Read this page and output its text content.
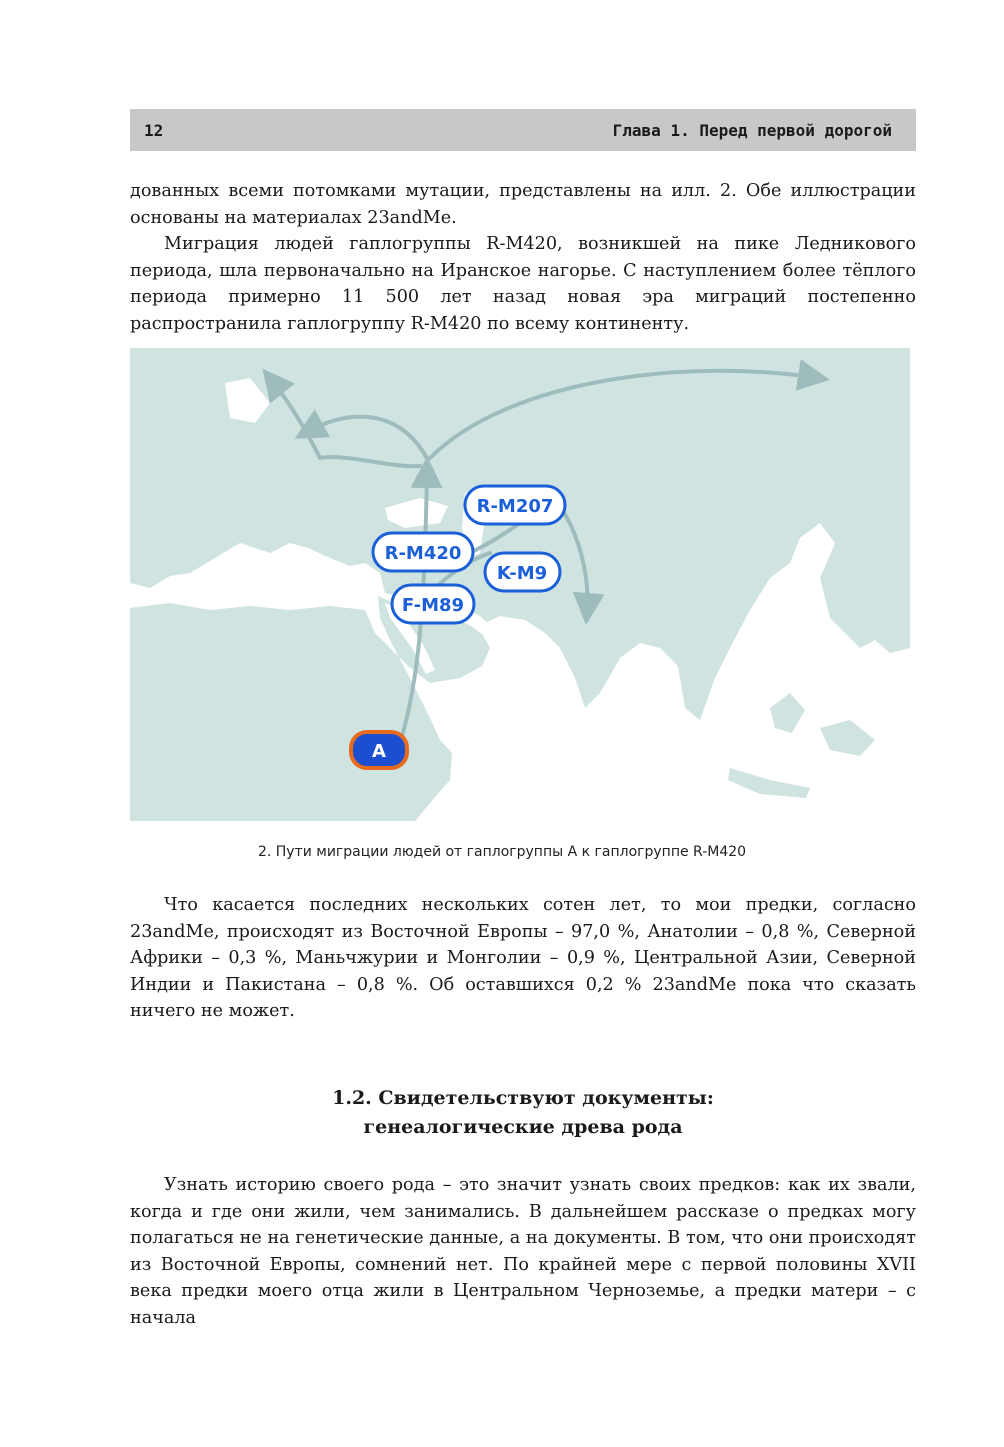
12	Глава 1. Перед первой дорогой

дованных всеми потомками мутации, представлены на илл. 2. Обе иллюстрации основаны на материалах 23andMe.

Миграция людей гаплогруппы R-M420, возникшей на пике Ледникового периода, шла первоначально на Иранское нагорье. С наступлением более тёплого периода примерно 11 500 лет назад новая эра миграций постепенно распространила гаплогруппу R-M420 по всему континенту.

R-M207
R-M420
K-M9
F-M89
A
2. Пути миграции людей от гаплогруппы А к гаплогруппе R-M420

Что касается последних нескольких сотен лет, то мои предки, согласно 23andMe, происходят из Восточной Европы – 97,0 %, Анатолии – 0,8 %, Северной Африки – 0,3 %, Маньчжурии и Монголии – 0,9 %, Центральной Азии, Северной Индии и Пакистана – 0,8 %. Об оставшихся 0,2 % 23andMe пока что сказать ничего не может.

1.2. Свидетельствуют документы:
генеалогические древа рода

Узнать историю своего рода – это значит узнать своих предков: как их звали, когда и где они жили, чем занимались. В дальнейшем рассказе о предках могу полагаться не на генетические данные, а на документы. В том, что они происходят из Восточной Европы, сомнений нет. По крайней мере с первой половины XVII века предки моего отца жили в Центральном Черноземье, а предки матери – с начала
